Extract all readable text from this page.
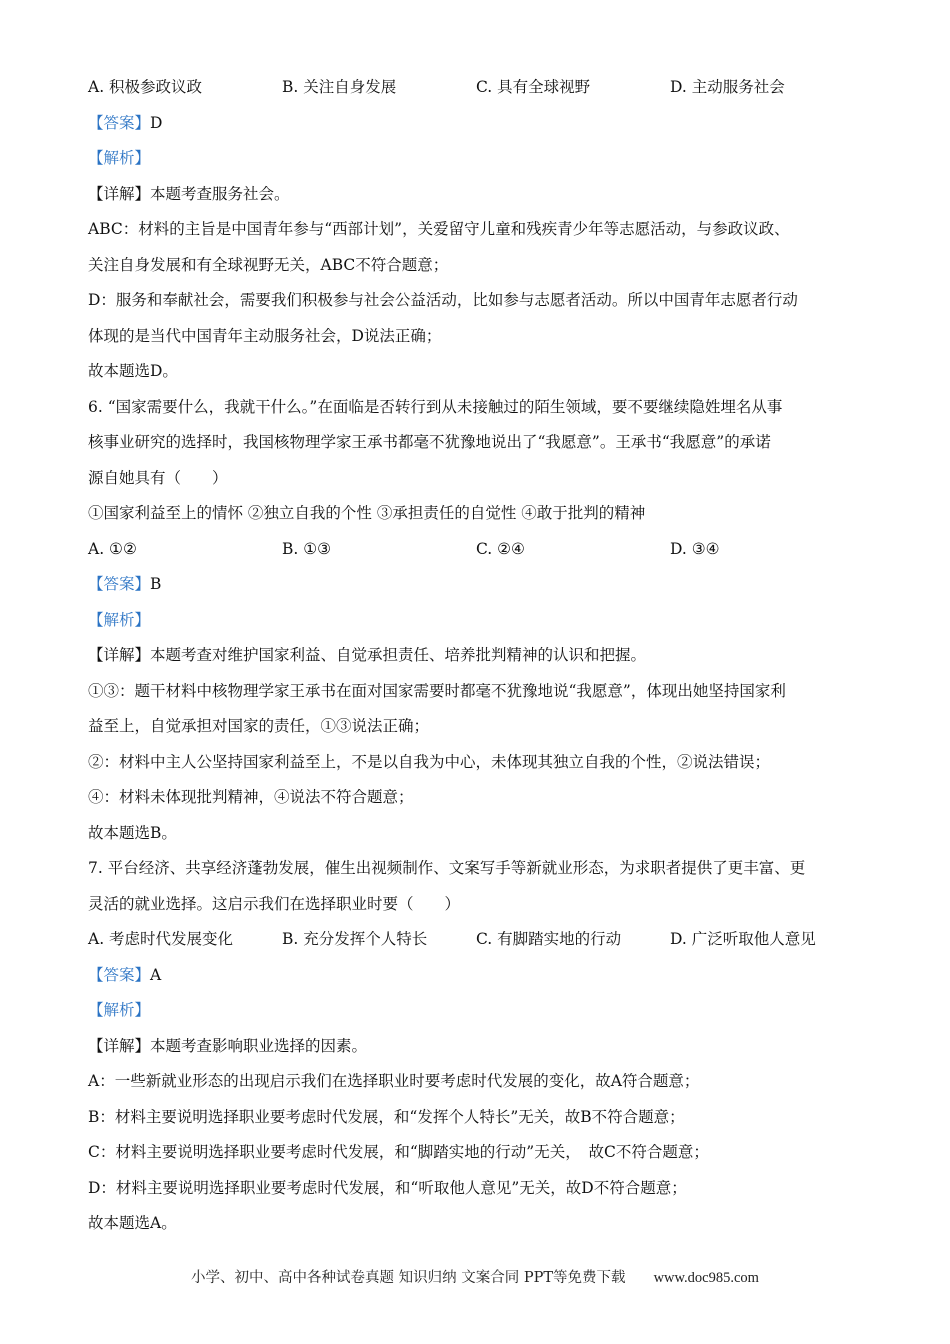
A. 积极参政议政	B. 关注自身发展	C. 具有全球视野	D. 主动服务社会
【答案】D
【解析】
【详解】本题考查服务社会。
ABC：材料的主旨是中国青年参与“西部计划”，关爱留守儿童和残疾青少年等志愿活动，与参政议政、
关注自身发展和有全球视野无关，ABC不符合题意；
D：服务和奉献社会，需要我们积极参与社会公益活动，比如参与志愿者活动。所以中国青年志愿者行动
体现的是当代中国青年主动服务社会，D说法正确；
故本题选D。
6. “国家需要什么，我就干什么。”在面临是否转行到从未接触过的陌生领域，要不要继续隐姓埋名从事
核事业研究的选择时，我国核物理学家王承书都毫不犹豫地说出了“我愿意”。王承书“我愿意”的承诺
源自她具有（　　）
①国家利益至上的情怀 ②独立自我的个性 ③承担责任的自觉性 ④敢于批判的精神
A. ①②	B. ①③	C. ②④	D. ③④
【答案】B
【解析】
【详解】本题考查对维护国家利益、自觉承担责任、培养批判精神的认识和把握。
①③：题干材料中核物理学家王承书在面对国家需要时都毫不犹豫地说“我愿意”，体现出她坚持国家利
益至上，自觉承担对国家的责任，①③说法正确；
②：材料中主人公坚持国家利益至上，不是以自我为中心，未体现其独立自我的个性，②说法错误；
④：材料未体现批判精神，④说法不符合题意；
故本题选B。
7. 平台经济、共享经济蓬勃发展，催生出视频制作、文案写手等新就业形态，为求职者提供了更丰富、更
灵活的就业选择。这启示我们在选择职业时要（　　）
A. 考虑时代发展变化	B. 充分发挥个人特长	C. 有脚踏实地的行动	D. 广泛听取他人意见
【答案】A
【解析】
【详解】本题考查影响职业选择的因素。
A：一些新就业形态的出现启示我们在选择职业时要考虑时代发展的变化，故A符合题意；
B：材料主要说明选择职业要考虑时代发展，和“发挥个人特长”无关，故B不符合题意；
C：材料主要说明选择职业要考虑时代发展，和“脚踏实地的行动”无关，　故C不符合题意；
D：材料主要说明选择职业要考虑时代发展，和“听取他人意见”无关，故D不符合题意；
故本题选A。
小学、初中、高中各种试卷真题 知识归纳 文案合同 PPT等免费下载 www.doc985.com
